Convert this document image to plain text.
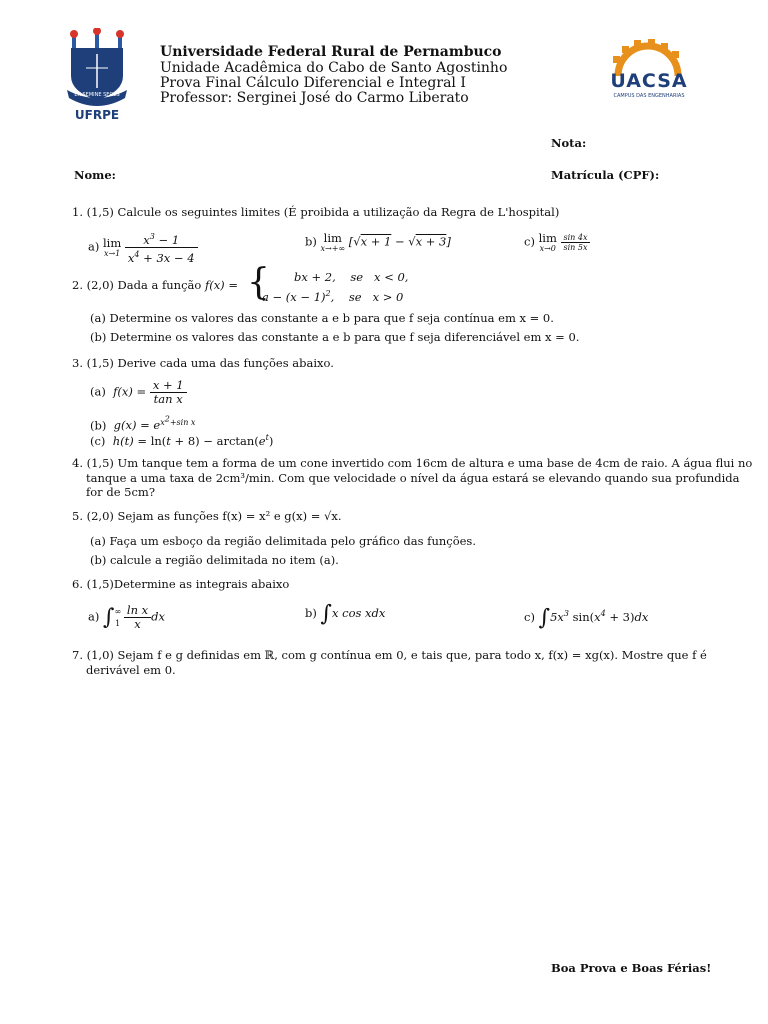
EX SEMINE SEGES
UFRPE
Universidade Federal Rural de Pernambuco
Unidade Acadêmica do Cabo de Santo Agostinho
Prova Final Cálculo Diferencial e Integral I
Professor: Serginei José do Carmo Liberato
UACSA
CAMPUS DAS ENGENHARIAS
Nota:
Nome:	Matrícula (CPF):
1. (1,5) Calcule os seguintes limites (É proibida a utilização da Regra de L'hospital)
a) lim
x→1
$\frac{x^3 - 1}{x^4 + 3x - 4}$	b) lim
x→+∞ [√x + 1 − √x + 3]	c) lim
x→0
$\frac{\sin 4x}{\sin 5x}$
2. (2,0) Dada a função f(x) = { bx + 2,    se   x < 0,
$a - (x - 1)^2$,    se   x > 0
(a) Determine os valores das constante a e b para que f seja contínua em x = 0.
(b) Determine os valores das constante a e b para que f seja diferenciável em x = 0.
3. (1,5) Derive cada uma das funções abaixo.
(a)  $f(x) = \frac{x + 1}{\text{tan x}}$
(b)  $g(x) = e^{x^2+sin x}$
(c)  $h(t) = \ln(t + 8) - \arctan(e^t)$
4. (1,5) Um tanque tem a forma de um cone invertido com 16cm de altura e uma base de 4cm de raio. A água flui no
tanque a uma taxa de 2cm³/min. Com que velocidade o nível da água estará se elevando quando sua profundida
for de 5cm?
5. (2,0) Sejam as funções f(x) = x² e g(x) = √x.
(a) Faça um esboço da região delimitada pelo gráfico das funções.
(b) calcule a região delimitada no item (a).
6. (1,5)Determine as integrais abaixo
a) $\int^\infty 1 \frac{\text{ln x}}{x}$ dx	b) ∫x cos xdx	c) $\int 5x^3$ $\sin(x^4 + 3)dx$
7. (1,0) Sejam f e g definidas em ℝ, com g contínua em 0, e tais que, para todo x, f(x) = xg(x). Mostre que f é
derivável em 0.
Boa Prova e Boas Férias!
